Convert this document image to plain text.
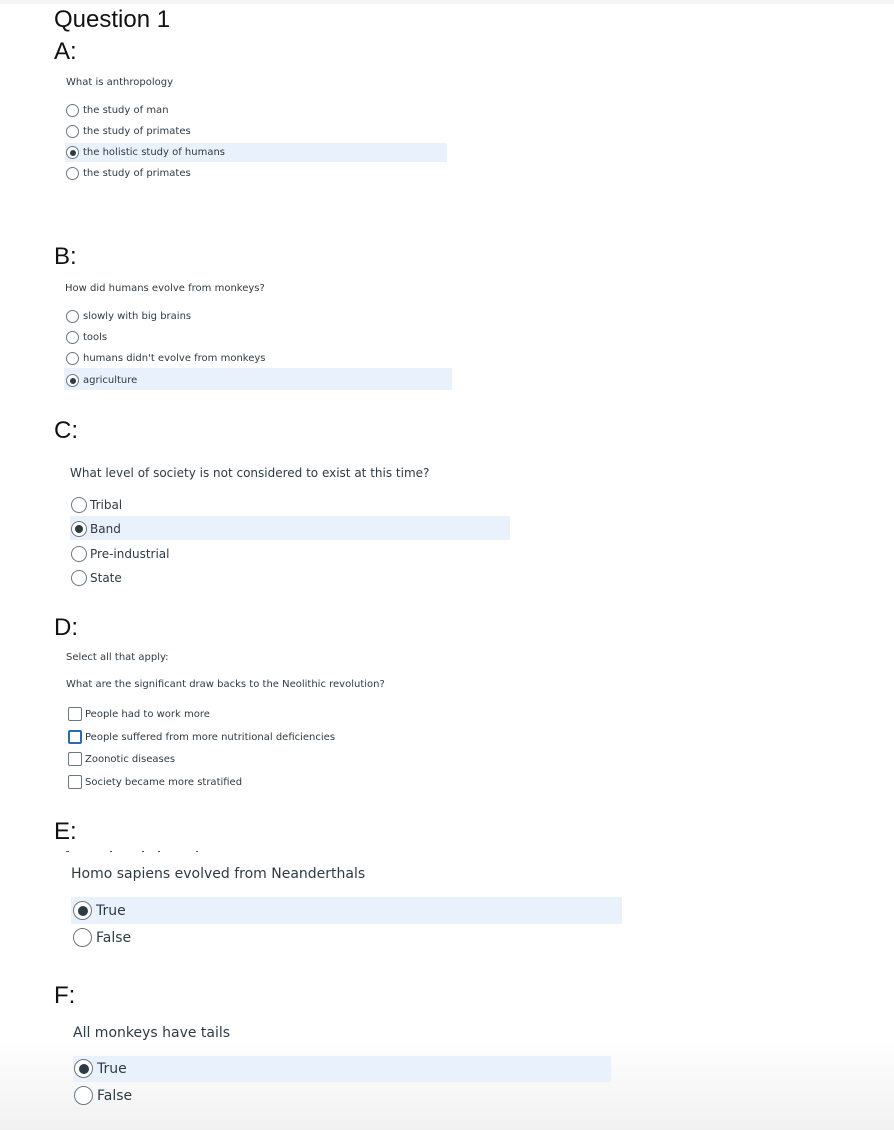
Question 1
A:
What is anthropology
the study of man
the study of primates
the holistic study of humans
the study of primates
B:
How did humans evolve from monkeys?
slowly with big brains
tools
humans didn't evolve from monkeys
agriculture
C:
What level of society is not considered to exist at this time?
Tribal
Band
Pre-industrial
State
D:
Select all that apply:
What are the significant draw backs to the Neolithic revolution?
People had to work more
People suffered from more nutritional deficiencies
Zoonotic diseases
Society became more stratified
E:
Homo sapiens evolved from Neanderthals
True
False
F:
All monkeys have tails
True
False
